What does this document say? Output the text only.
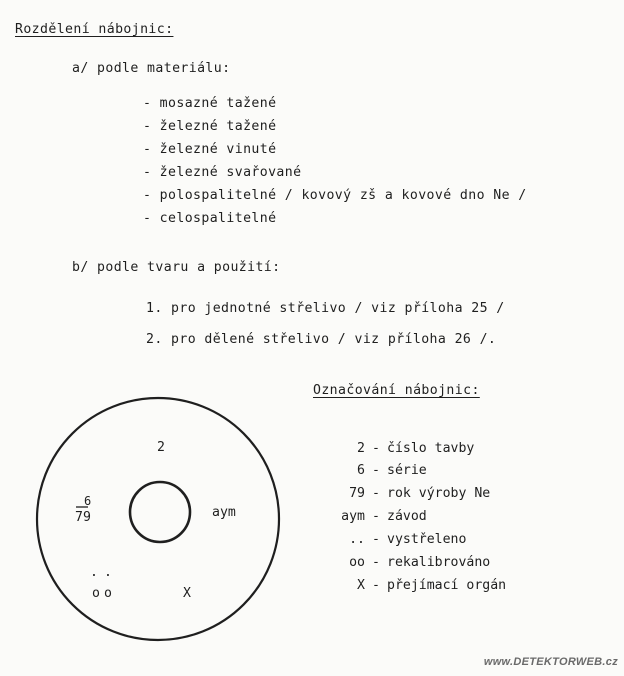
Rozdělení nábojnic:
a/ podle materiálu:
- mosazné tažené
- železné tažené
- železné vinuté
- železné svařované
- polospalitelné / kovový zš a kovové dno Ne /
- celospalitelné
b/ podle tvaru a použití:
1. pro jednotné střelivo / viz příloha 25 /
2. pro dělené střelivo / viz příloha 26 /.
Označování nábojnic:
2
6
79	aym
..
oo	X
2 - číslo tavby
6 - série
79 - rok výroby Ne
aym - závod
.. - vystřeleno
oo - rekalibrováno
X - přejímací orgán
www.DETEKTORWEB.cz
